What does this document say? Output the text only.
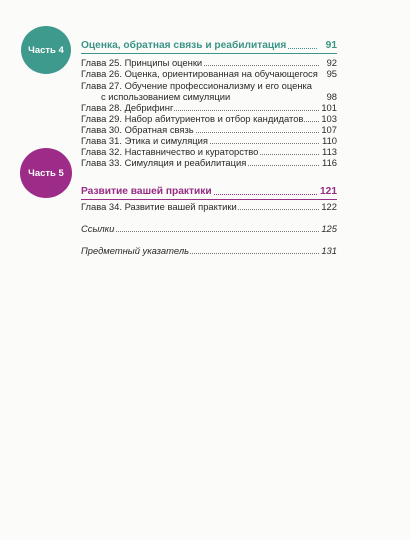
Часть 4 Оценка, обратная связь и реабилитация	91
Глава 25. Принципы оценки	92
Глава 26. Оценка, ориентированная на обучающегося 95
Глава 27. Обучение профессионализму и его оценка
с использованием симуляции	98
Глава 28. Дебрифинг	101
Глава 29. Набор абитуриентов и отбор кандидатов 103
Глава 30. Обратная связь	107
Глава 31. Этика и симуляция	110
Глава 32. Наставничество и кураторство	113
Глава 33. Симуляция и реабилитация	116
Часть 5
Развитие вашей практики	121
Глава 34. Развитие вашей практики	122
Ссылки	125
Предметный указатель	131
